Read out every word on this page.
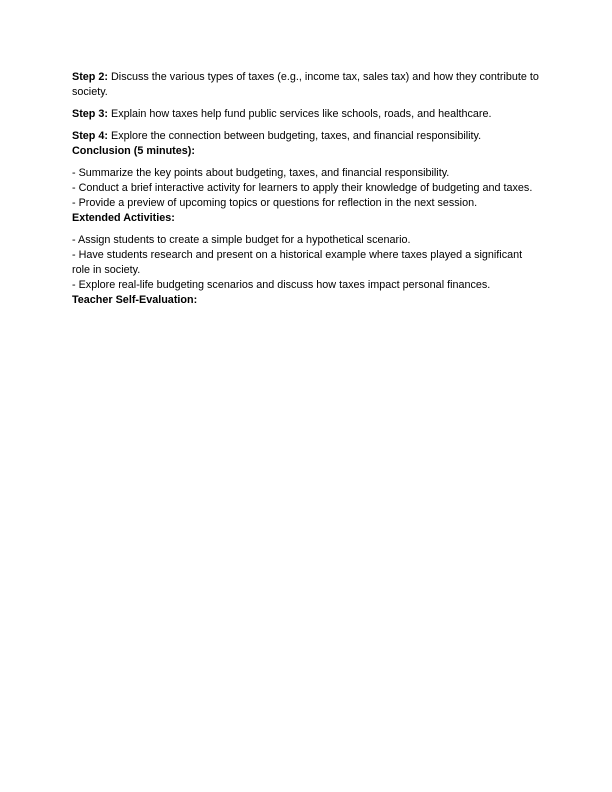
Step 2: Discuss the various types of taxes (e.g., income tax, sales tax) and how they contribute to society.

Step 3: Explain how taxes help fund public services like schools, roads, and healthcare.

Step 4: Explore the connection between budgeting, taxes, and financial responsibility.

Conclusion (5 minutes):

- Summarize the key points about budgeting, taxes, and financial responsibility.

- Conduct a brief interactive activity for learners to apply their knowledge of budgeting and taxes.

- Provide a preview of upcoming topics or questions for reflection in the next session.

Extended Activities:

- Assign students to create a simple budget for a hypothetical scenario.

- Have students research and present on a historical example where taxes played a significant role in society.

- Explore real-life budgeting scenarios and discuss how taxes impact personal finances.

Teacher Self-Evaluation:
